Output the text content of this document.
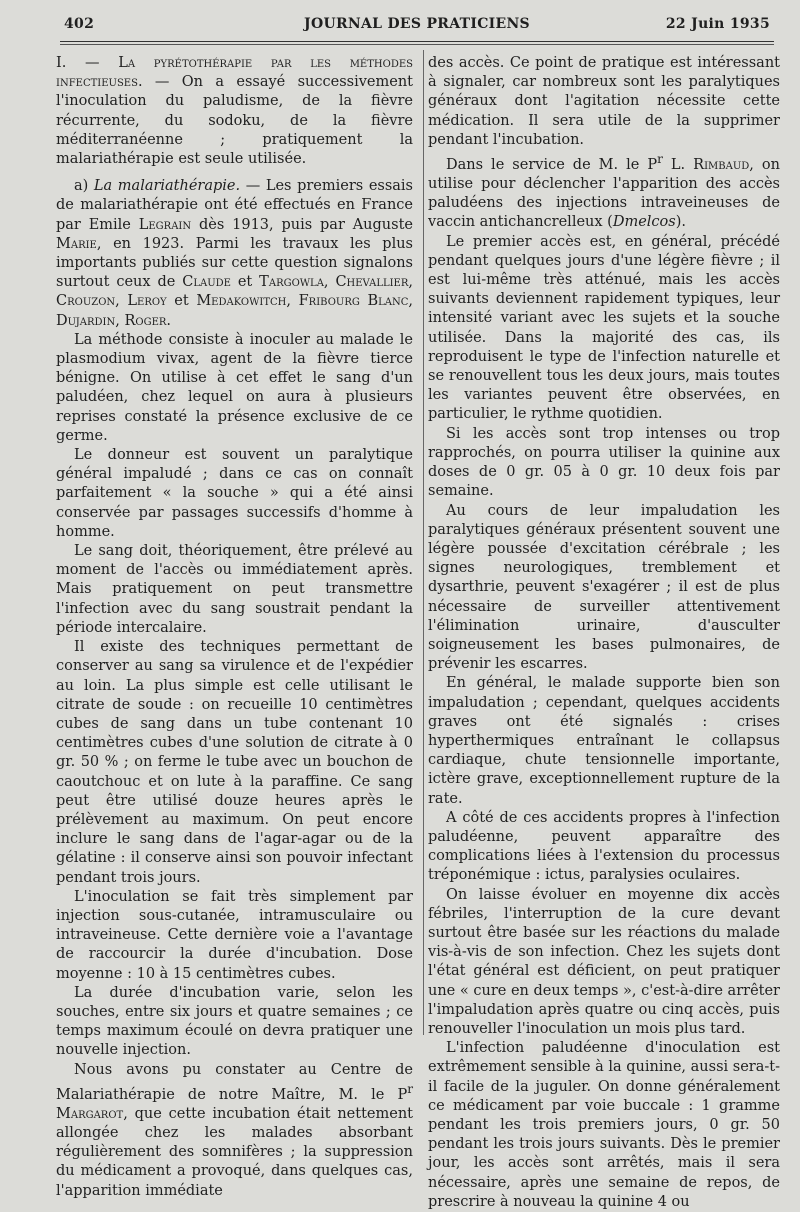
402	JOURNAL DES PRATICIENS	22 Juin 1935

I. — La pyrétothérapie par les méthodes infectieuses. — On a essayé successivement l'inoculation du paludisme, de la fièvre récurrente, du sodoku, de la fièvre méditerranéenne ; pratiquement la malariathérapie est seule utilisée.

a) La malariathérapie. — Les premiers essais de malariathérapie ont été effectués en France par Emile Legrain dès 1913, puis par Auguste Marie, en 1923. Parmi les travaux les plus importants publiés sur cette question signalons surtout ceux de Claude et Targowla, Chevallier, Crouzon, Leroy et Medakowitch, Fribourg Blanc, Dujardin, Roger.

La méthode consiste à inoculer au malade le plasmodium vivax, agent de la fièvre tierce bénigne. On utilise à cet effet le sang d'un paludéen, chez lequel on aura à plusieurs reprises constaté la présence exclusive de ce germe.

Le donneur est souvent un paralytique général impaludé ; dans ce cas on connaît parfaitement « la souche » qui a été ainsi conservée par passages successifs d'homme à homme.

Le sang doit, théoriquement, être prélevé au moment de l'accès ou immédiatement après. Mais pratiquement on peut transmettre l'infection avec du sang soustrait pendant la période intercalaire.

Il existe des techniques permettant de conserver au sang sa virulence et de l'expédier au loin. La plus simple est celle utilisant le citrate de soude : on recueille 10 centimètres cubes de sang dans un tube contenant 10 centimètres cubes d'une solution de citrate à 0 gr. 50 % ; on ferme le tube avec un bouchon de caoutchouc et on lute à la paraffine. Ce sang peut être utilisé douze heures après le prélèvement au maximum. On peut encore inclure le sang dans de l'agar-agar ou de la gélatine : il conserve ainsi son pouvoir infectant pendant trois jours.

L'inoculation se fait très simplement par injection sous-cutanée, intramusculaire ou intraveineuse. Cette dernière voie a l'avantage de raccourcir la durée d'incubation. Dose moyenne : 10 à 15 centimètres cubes.

La durée d'incubation varie, selon les souches, entre six jours et quatre semaines ; ce temps maximum écoulé on devra pratiquer une nouvelle injection.

Nous avons pu constater au Centre de Malariathérapie de notre Maître, M. le $P^r$ Margarot, que cette incubation était nettement allongée chez les malades absorbant régulièrement des somnifères ; la suppression du médicament a provoqué, dans quelques cas, l'apparition immédiate

des accès. Ce point de pratique est intéressant à signaler, car nombreux sont les paralytiques généraux dont l'agitation nécessite cette médication. Il sera utile de la supprimer pendant l'incubation.

Dans le service de M. le $P^r$ L. Rimbaud, on utilise pour déclencher l'apparition des accès paludéens des injections intraveineuses de vaccin antichancrelleux (Dmelcos).

Le premier accès est, en général, précédé pendant quelques jours d'une légère fièvre ; il est lui-même très atténué, mais les accès suivants deviennent rapidement typiques, leur intensité variant avec les sujets et la souche utilisée. Dans la majorité des cas, ils reproduisent le type de l'infection naturelle et se renouvellent tous les deux jours, mais toutes les variantes peuvent être observées, en particulier, le rythme quotidien.

Si les accès sont trop intenses ou trop rapprochés, on pourra utiliser la quinine aux doses de 0 gr. 05 à 0 gr. 10 deux fois par semaine.

Au cours de leur impaludation les paralytiques généraux présentent souvent une légère poussée d'excitation cérébrale ; les signes neurologiques, tremblement et dysarthrie, peuvent s'exagérer ; il est de plus nécessaire de surveiller attentivement l'élimination urinaire, d'ausculter soigneusement les bases pulmonaires, de prévenir les escarres.

En général, le malade supporte bien son impaludation ; cependant, quelques accidents graves ont été signalés : crises hyperthermiques entraînant le collapsus cardiaque, chute tensionnelle importante, ictère grave, exceptionnellement rupture de la rate.

A côté de ces accidents propres à l'infection paludéenne, peuvent apparaître des complications liées à l'extension du processus tréponémique : ictus, paralysies oculaires.

On laisse évoluer en moyenne dix accès fébriles, l'interruption de la cure devant surtout être basée sur les réactions du malade vis-à-vis de son infection. Chez les sujets dont l'état général est déficient, on peut pratiquer une « cure en deux temps », c'est-à-dire arrêter l'impaludation après quatre ou cinq accès, puis renouveller l'inoculation un mois plus tard.

L'infection paludéenne d'inoculation est extrêmement sensible à la quinine, aussi sera-t-il facile de la juguler. On donne généralement ce médicament par voie buccale : 1 gramme pendant les trois premiers jours, 0 gr. 50 pendant les trois jours suivants. Dès le premier jour, les accès sont arrêtés, mais il sera nécessaire, après une semaine de repos, de prescrire à nouveau la quinine 4 ou
